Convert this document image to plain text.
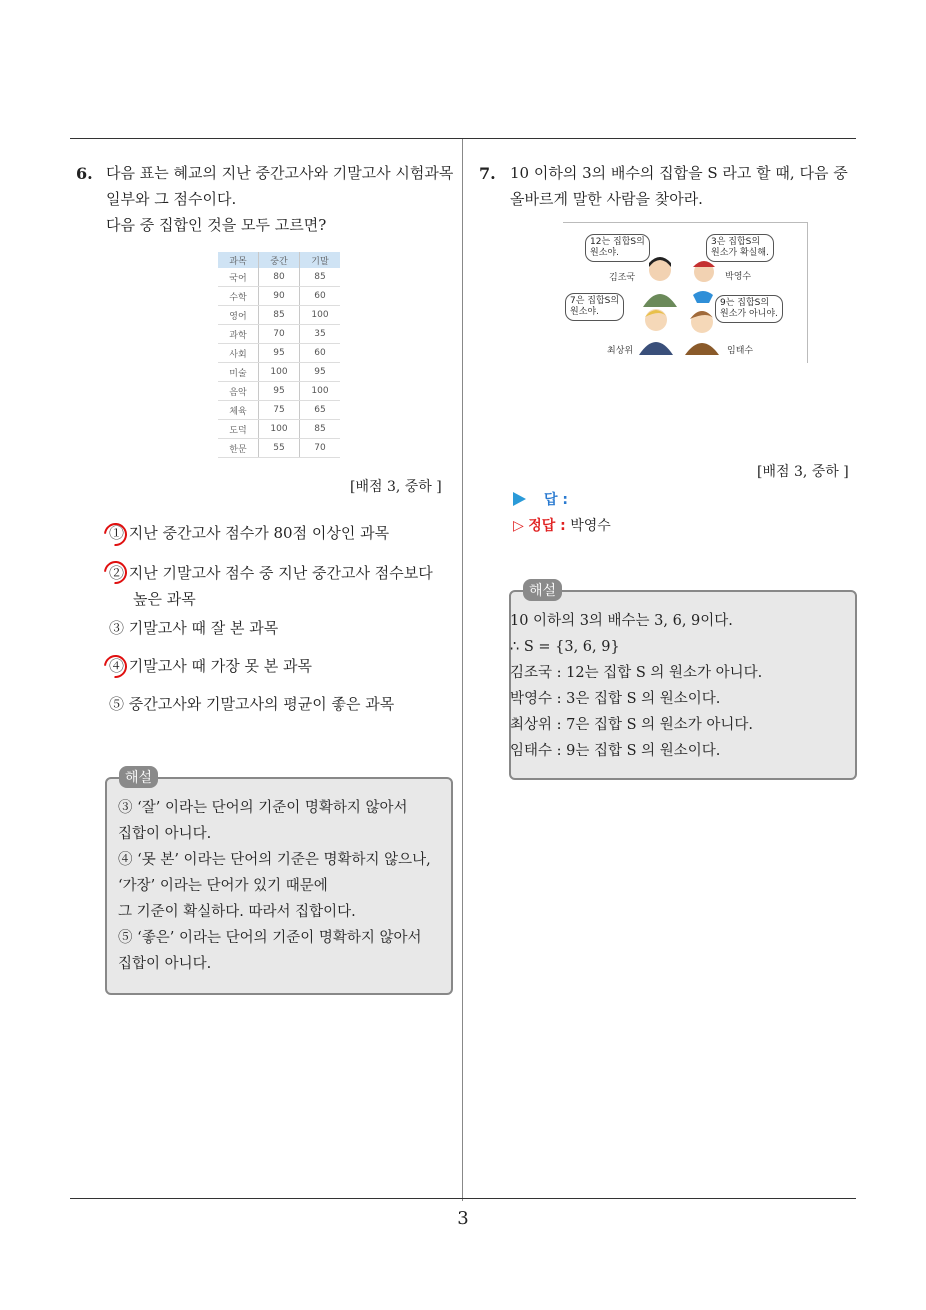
3
6. 다음 표는 혜교의 지난 중간고사와 기말고사 시험과목
일부와 그 점수이다.
다음 중 집합인 것을 모두 고르면?
과목	중간	기말
국어	80	85
수학	90	60
영어	85	100
과학	70	35
사회	95	60
미술	100	95
음악	95	100
체육	75	65
도덕	100	85
한문	55	70
[배점 3, 중하 ]
① 지난 중간고사 점수가 80점 이상인 과목
② 지난 기말고사 점수 중 지난 중간고사 점수보다
높은 과목
③ 기말고사 때 잘 본 과목
④ 기말고사 때 가장 못 본 과목
⑤ 중간고사와 기말고사의 평균이 좋은 과목
해설
③ ‘잘’ 이라는 단어의 기준이 명확하지 않아서
집합이 아니다.
④ ‘못 본’ 이라는 단어의 기준은 명확하지 않으나,
‘가장’ 이라는 단어가 있기 때문에
그 기준이 확실하다. 따라서 집합이다.
⑤ ‘좋은’ 이라는 단어의 기준이 명확하지 않아서
집합이 아니다.
7. 10 이하의 3의 배수의 집합을 S 라고 할 때, 다음 중
올바르게 말한 사람을 찾아라.
12는 집합S의
원소야.
3은 집합S의
원소가 확실해.
7은 집합S의
원소야.
9는 집합S의
원소가 아니야.
김조국	박영수
최상위	임태수
[배점 3, 중하 ]
답 :
▷ 정답 : 박영수
해설
10 이하의 3의 배수는 3, 6, 9이다.
∴ S = {3, 6, 9}
김조국 : 12는 집합 S 의 원소가 아니다.
박영수 : 3은 집합 S 의 원소이다.
최상위 : 7은 집합 S 의 원소가 아니다.
임태수 : 9는 집합 S 의 원소이다.
